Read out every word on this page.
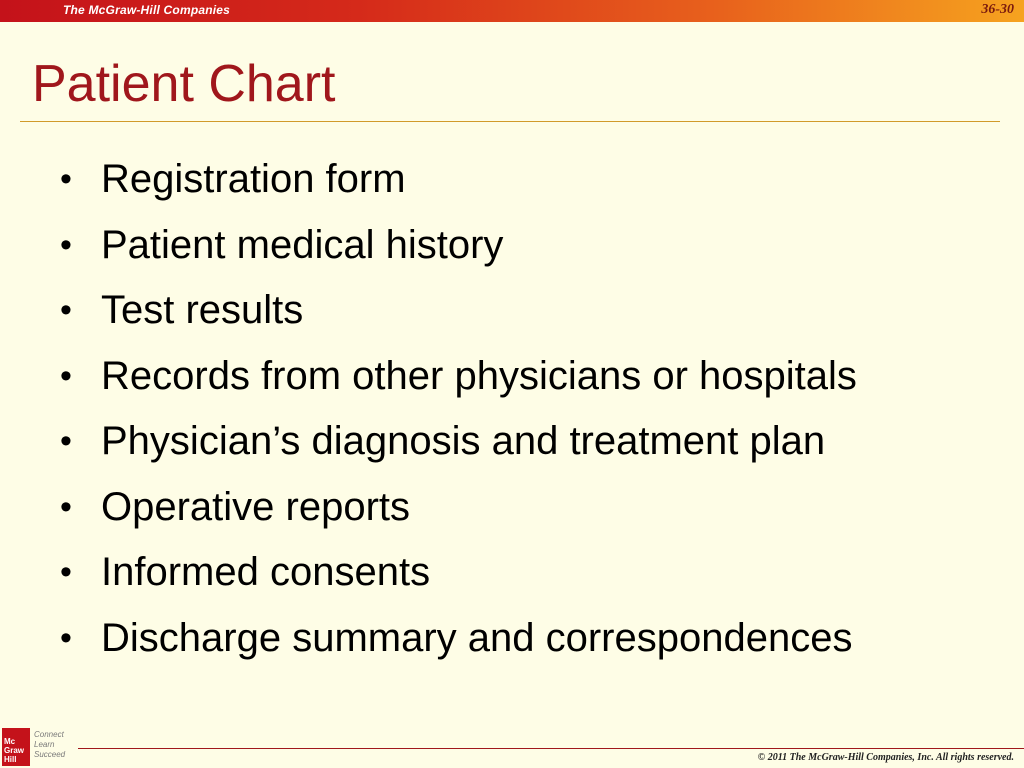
The McGraw-Hill Companies	36-30
Patient Chart
• Registration form
• Patient medical history
• Test results
• Records from other physicians or hospitals
• Physician’s diagnosis and treatment plan
• Operative reports
• Informed consents
• Discharge summary and correspondences
Mc
Graw
Hill
Connect
Learn
Succeed	© 2011 The McGraw-Hill Companies, Inc. All rights reserved.
